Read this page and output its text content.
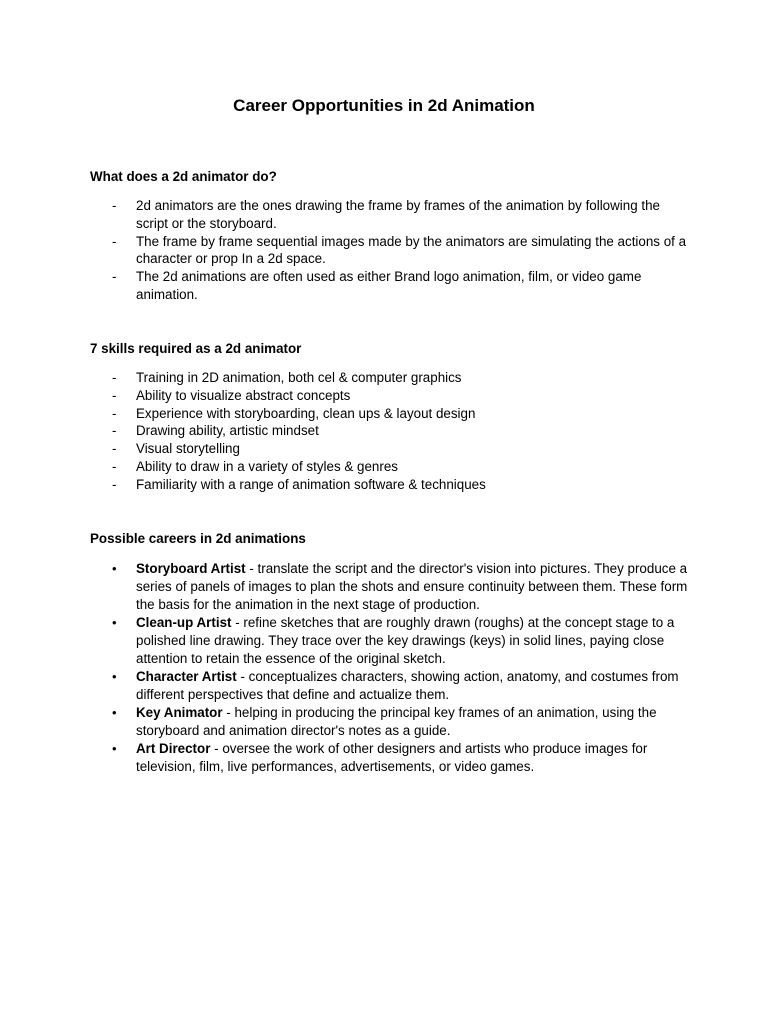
Career Opportunities in 2d Animation

What does a 2d animator do?

- 2d animators are the ones drawing the frame by frames of the animation by following the script or the storyboard.
- The frame by frame sequential images made by the animators are simulating the actions of a character or prop In a 2d space.
- The 2d animations are often used as either Brand logo animation, film, or video game animation.

7 skills required as a 2d animator

- Training in 2D animation, both cel & computer graphics
- Ability to visualize abstract concepts
- Experience with storyboarding, clean ups & layout design
- Drawing ability, artistic mindset
- Visual storytelling
- Ability to draw in a variety of styles & genres
- Familiarity with a range of animation software & techniques

Possible careers in 2d animations

• Storyboard Artist - translate the script and the director's vision into pictures. They produce a series of panels of images to plan the shots and ensure continuity between them. These form the basis for the animation in the next stage of production.
• Clean-up Artist - refine sketches that are roughly drawn (roughs) at the concept stage to a polished line drawing. They trace over the key drawings (keys) in solid lines, paying close attention to retain the essence of the original sketch.
• Character Artist - conceptualizes characters, showing action, anatomy, and costumes from different perspectives that define and actualize them.
• Key Animator - helping in producing the principal key frames of an animation, using the storyboard and animation director's notes as a guide.
• Art Director - oversee the work of other designers and artists who produce images for television, film, live performances, advertisements, or video games.
